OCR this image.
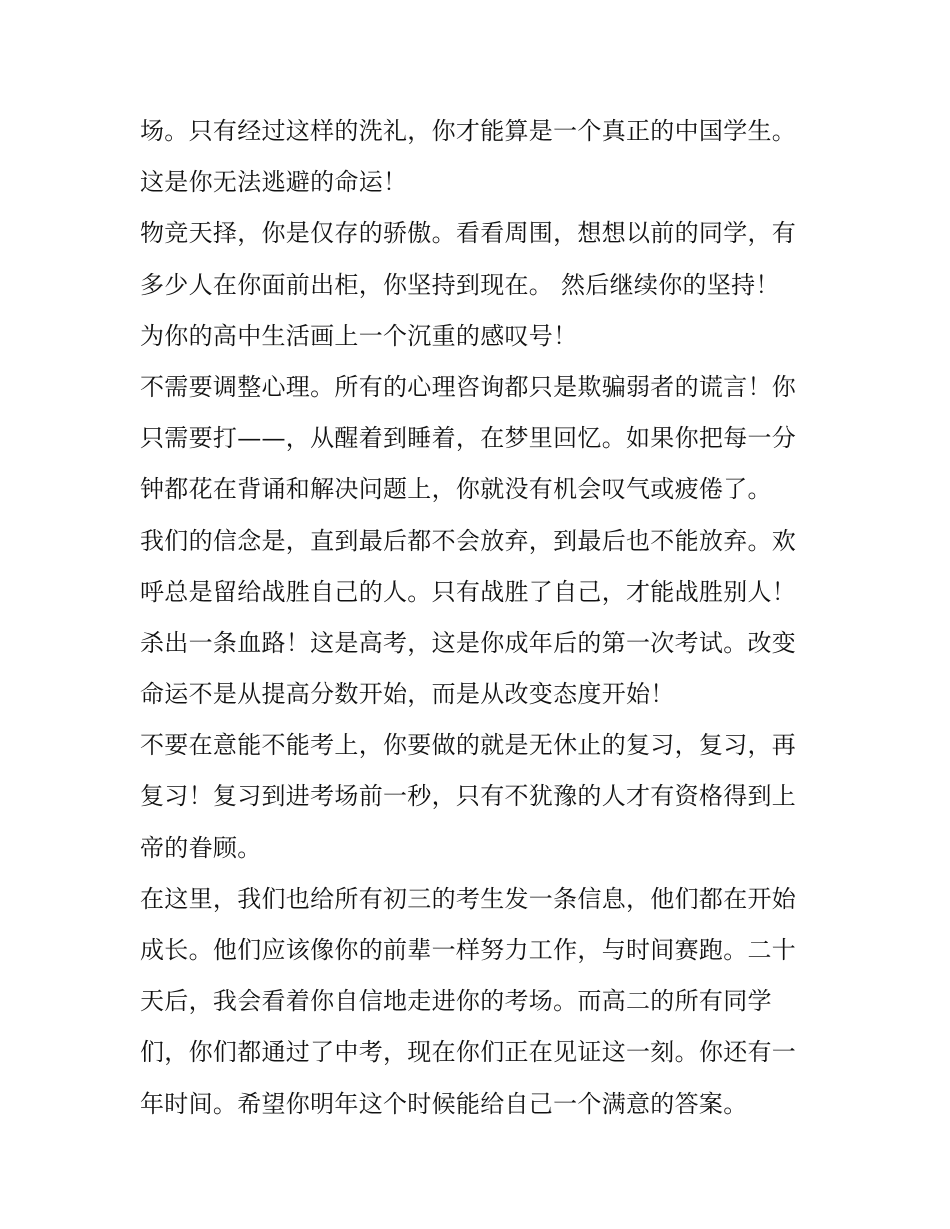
场。只有经过这样的洗礼，你才能算是一个真正的中国学生。
这是你无法逃避的命运！
物竞天择，你是仅存的骄傲。看看周围，想想以前的同学，有
多少人在你面前出柜，你坚持到现在。 然后继续你的坚持！
为你的高中生活画上一个沉重的感叹号！
不需要调整心理。所有的心理咨询都只是欺骗弱者的谎言！你
只需要打——，从醒着到睡着，在梦里回忆。如果你把每一分
钟都花在背诵和解决问题上，你就没有机会叹气或疲倦了。
我们的信念是，直到最后都不会放弃，到最后也不能放弃。欢
呼总是留给战胜自己的人。只有战胜了自己，才能战胜别人！
杀出一条血路！这是高考，这是你成年后的第一次考试。改变
命运不是从提高分数开始，而是从改变态度开始！
不要在意能不能考上，你要做的就是无休止的复习，复习，再
复习！复习到进考场前一秒，只有不犹豫的人才有资格得到上
帝的眷顾。
在这里，我们也给所有初三的考生发一条信息，他们都在开始
成长。他们应该像你的前辈一样努力工作，与时间赛跑。二十
天后，我会看着你自信地走进你的考场。而高二的所有同学
们，你们都通过了中考，现在你们正在见证这一刻。你还有一
年时间。希望你明年这个时候能给自己一个满意的答案。
